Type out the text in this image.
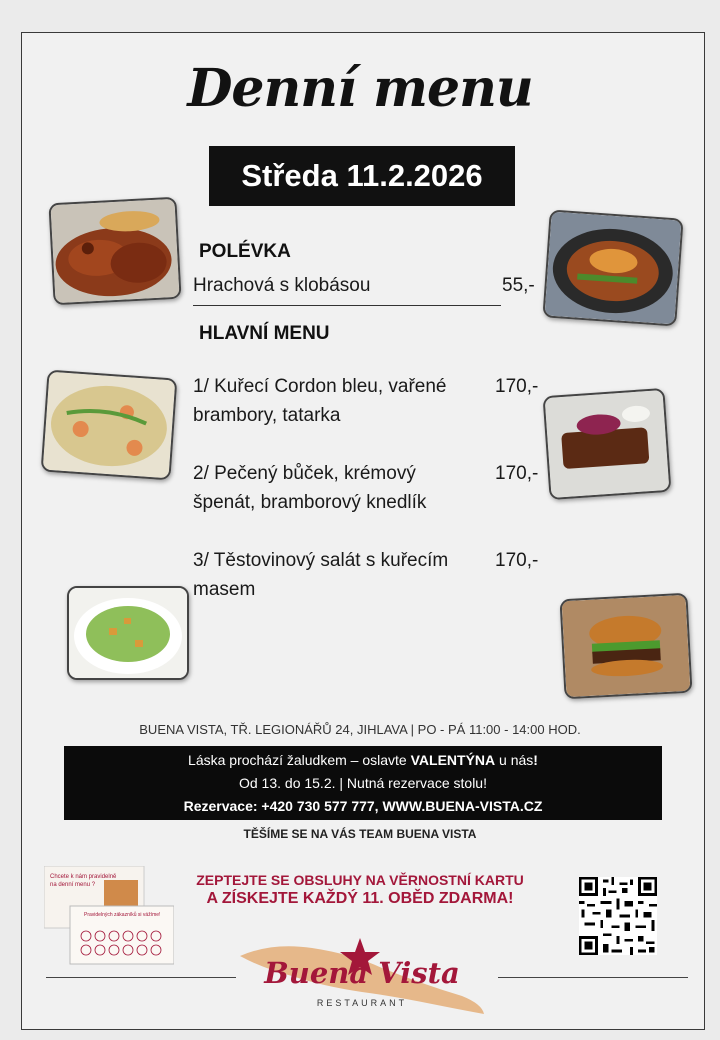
Denní menu
Středa 11.2.2026
POLÉVKA
Hrachová s klobásou	55,-
HLAVNÍ MENU
1/ Kuřecí Cordon bleu, vařené
brambory, tatarka
170,-
2/ Pečený bůček, krémový
špenát, bramborový knedlík
170,-
3/ Těstovinový salát s kuřecím
masem
170,-
BUENA VISTA, TŘ. LEGIONÁŘŮ 24, JIHLAVA | PO - PÁ 11:00 - 14:00 HOD.
Láska prochází žaludkem – oslavte VALENTÝNA u nás!
Od 13. do 15.2. | Nutná rezervace stolu!
Rezervace: +420 730 577 777, WWW.BUENA-VISTA.CZ
TĚŠÍME SE NA VÁS TEAM BUENA VISTA
Chcete k nám pravidelně
na denní menu ?
Pravidelných zákazníků si vážíme!
ZEPTEJTE SE OBSLUHY NA VĚRNOSTNÍ KARTU
A ZÍSKEJTE KAŽDÝ 11. OBĚD ZDARMA!
Buena Vista
RESTAURANT
